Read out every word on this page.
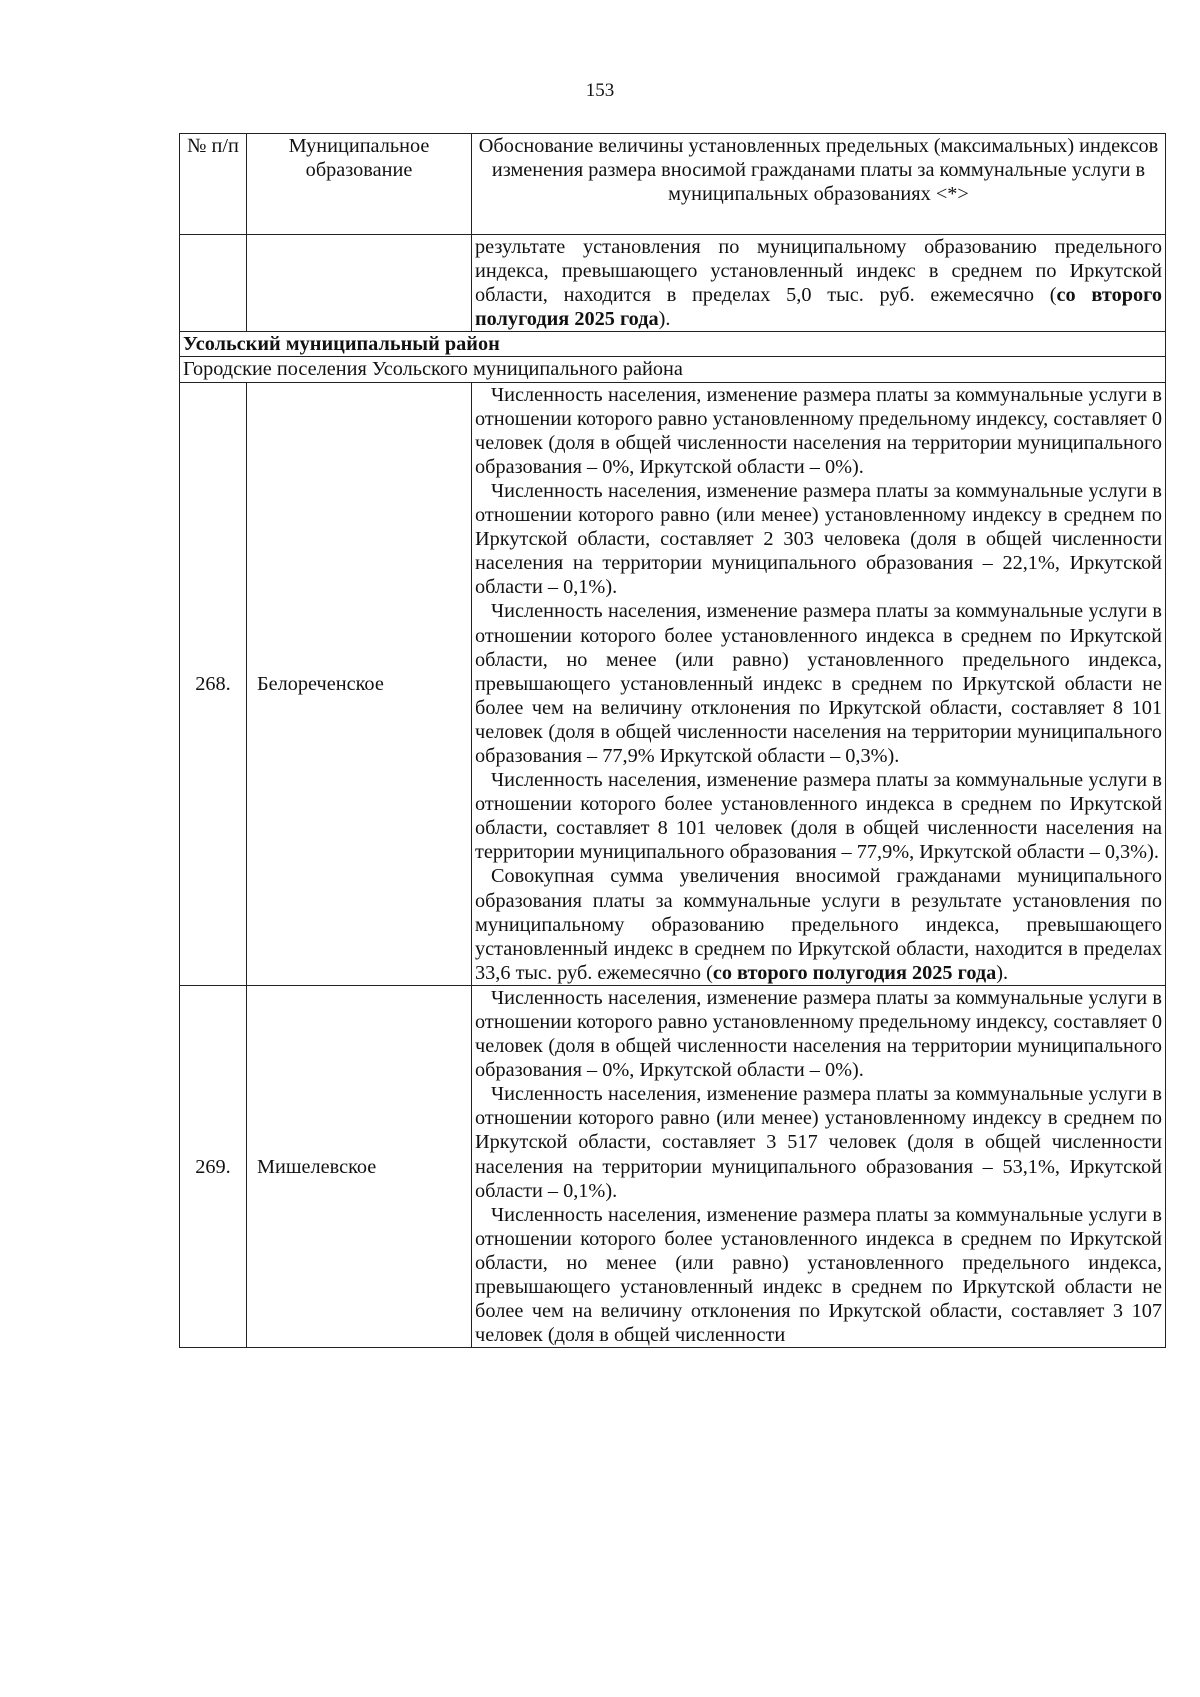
153
№ п/п	Муниципальное образование	Обоснование величины установленных предельных (максимальных) индексов изменения размера вносимой гражданами платы за коммунальные услуги в муниципальных образованиях <*>

		результате установления по муниципальному образованию предельного индекса, превышающего установленный индекс в среднем по Иркутской области, находится в пределах 5,0 тыс. руб. ежемесячно (со второго полугодия 2025 года).

Усольский муниципальный район		
Городские поселения Усольского муниципального района		
268.	Белореченское	Численность населения, изменение размера платы за коммунальные услуги в отношении которого равно установленному предельному индексу, составляет 0 человек (доля в общей численности населения на территории муниципального образования – 0%, Иркутской области – 0%).

Численность населения, изменение размера платы за коммунальные услуги в отношении которого равно (или менее) установленному индексу в среднем по Иркутской области, составляет 2 303 человека (доля в общей численности населения на территории муниципального образования – 22,1%, Иркутской области – 0,1%).

Численность населения, изменение размера платы за коммунальные услуги в отношении которого более установленного индекса в среднем по Иркутской области, но менее (или равно) установленного предельного индекса, превышающего установленный индекс в среднем по Иркутской области не более чем на величину отклонения по Иркутской области, составляет 8 101 человек (доля в общей численности населения на территории муниципального образования – 77,9% Иркутской области – 0,3%).

Численность населения, изменение размера платы за коммунальные услуги в отношении которого более установленного индекса в среднем по Иркутской области, составляет 8 101 человек (доля в общей численности населения на территории муниципального образования – 77,9%, Иркутской области – 0,3%).

Совокупная сумма увеличения вносимой гражданами муниципального образования платы за коммунальные услуги в результате установления по муниципальному образованию предельного индекса, превышающего установленный индекс в среднем по Иркутской области, находится в пределах 33,6 тыс. руб. ежемесячно (со второго полугодия 2025 года).

269.	Мишелевское	Численность населения, изменение размера платы за коммунальные услуги в отношении которого равно установленному предельному индексу, составляет 0 человек (доля в общей численности населения на территории муниципального образования – 0%, Иркутской области – 0%).

Численность населения, изменение размера платы за коммунальные услуги в отношении которого равно (или менее) установленному индексу в среднем по Иркутской области, составляет 3 517 человек (доля в общей численности населения на территории муниципального образования – 53,1%, Иркутской области – 0,1%).

Численность населения, изменение размера платы за коммунальные услуги в отношении которого более установленного индекса в среднем по Иркутской области, но менее (или равно) установленного предельного индекса, превышающего установленный индекс в среднем по Иркутской области не более чем на величину отклонения по Иркутской области, составляет 3 107 человек (доля в общей численности
